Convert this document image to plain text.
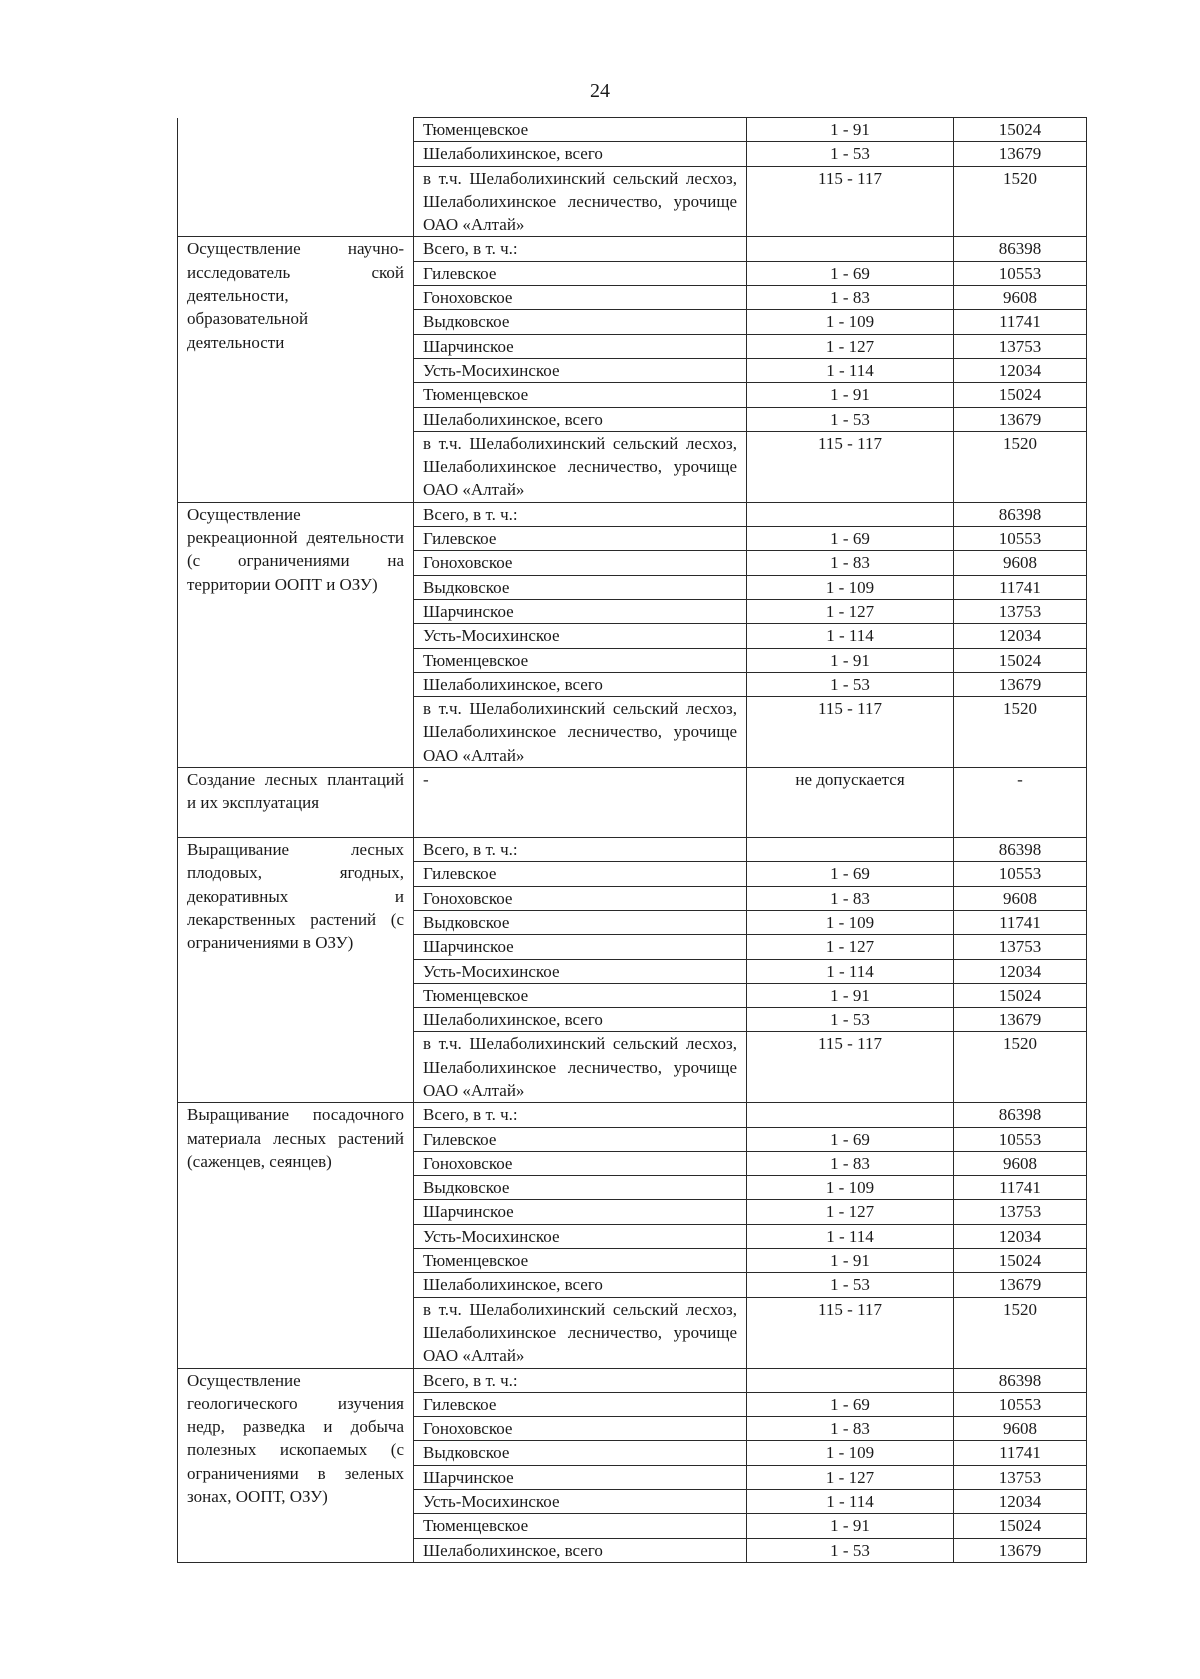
24
	Тюменцевское	1 - 91	15024
	Шелаболихинское, всего	1 - 53	13679
	в т.ч. Шелаболихинский сельский лесхоз, Шелаболихинское лесничество, урочище ОАО «Алтай»	115 - 117	1520
Осуществление научно-исследователь ской деятельности, образовательной деятельности	Всего, в т. ч.:		86398
	Гилевское	1 - 69	10553
	Гоноховское	1 - 83	9608
	Выдковское	1 - 109	11741
	Шарчинское	1 - 127	13753
	Усть-Мосихинское	1 - 114	12034
	Тюменцевское	1 - 91	15024
	Шелаболихинское, всего	1 - 53	13679
	в т.ч. Шелаболихинский сельский лесхоз, Шелаболихинское лесничество, урочище ОАО «Алтай»	115 - 117	1520
Осуществление рекреационной деятельности (с ограничениями на территории ООПТ и ОЗУ)	Всего, в т. ч.:		86398
	Гилевское	1 - 69	10553
	Гоноховское	1 - 83	9608
	Выдковское	1 - 109	11741
	Шарчинское	1 - 127	13753
	Усть-Мосихинское	1 - 114	12034
	Тюменцевское	1 - 91	15024
	Шелаболихинское, всего	1 - 53	13679
	в т.ч. Шелаболихинский сельский лесхоз, Шелаболихинское лесничество, урочище ОАО «Алтай»	115 - 117	1520
Создание лесных плантаций и их эксплуатация	-	не допускается	-
Выращивание лесных плодовых, ягодных, декоративных и лекарственных растений (с ограничениями в ОЗУ)	Всего, в т. ч.:		86398
	Гилевское	1 - 69	10553
	Гоноховское	1 - 83	9608
	Выдковское	1 - 109	11741
	Шарчинское	1 - 127	13753
	Усть-Мосихинское	1 - 114	12034
	Тюменцевское	1 - 91	15024
	Шелаболихинское, всего	1 - 53	13679
	в т.ч. Шелаболихинский сельский лесхоз, Шелаболихинское лесничество, урочище ОАО «Алтай»	115 - 117	1520
Выращивание посадочного материала лесных растений (саженцев, сеянцев)	Всего, в т. ч.:		86398
	Гилевское	1 - 69	10553
	Гоноховское	1 - 83	9608
	Выдковское	1 - 109	11741
	Шарчинское	1 - 127	13753
	Усть-Мосихинское	1 - 114	12034
	Тюменцевское	1 - 91	15024
	Шелаболихинское, всего	1 - 53	13679
	в т.ч. Шелаболихинский сельский лесхоз, Шелаболихинское лесничество, урочище ОАО «Алтай»	115 - 117	1520
Осуществление геологического изучения недр, разведка и добыча полезных ископаемых (с ограничениями в зеленых зонах, ООПТ, ОЗУ)	Всего, в т. ч.:		86398
	Гилевское	1 - 69	10553
	Гоноховское	1 - 83	9608
	Выдковское	1 - 109	11741
	Шарчинское	1 - 127	13753
	Усть-Мосихинское	1 - 114	12034
	Тюменцевское	1 - 91	15024
	Шелаболихинское, всего	1 - 53	13679
